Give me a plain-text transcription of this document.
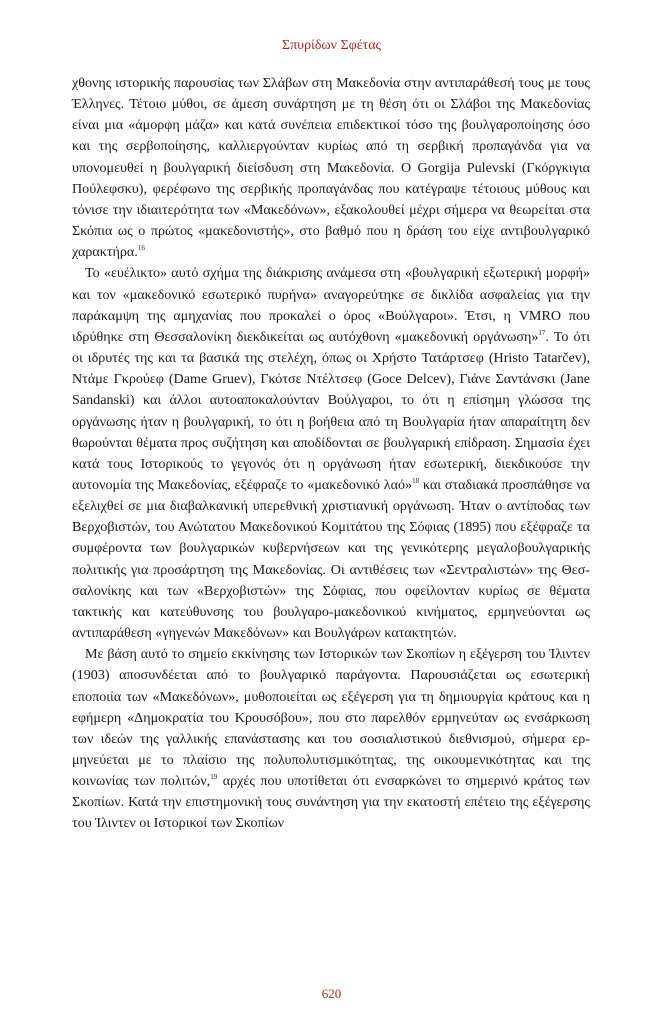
Σπυρίδων Σφέτας

χθονης ιστορικής παρουσίας των Σλάβων στη Μακεδονία στην αντιπαράθεσή τους με τους Έλληνες. Τέτοιο μύθοι, σε άμεση συνάρτηση με τη θέση ότι οι Σλάβοι της Μακεδονίας είναι μια «άμορφη μάζα» και κατά συνέπεια επιδεκτικοί τόσο της βουλγαροποίησης όσο και της σερβοποίησης, καλλιεργούνταν κυρίως από τη σερβική προπαγάνδα για να υπονομευθεί η βουλγαρική διείσδυση στη Μακεδονία. O Gorgija Pulevski (Γκόργκιγια Πούλεφσκυ), φερέφωνο της σερβικής προπαγάνδας που κατέγραψε τέτοιους μύθους και τόνισε την ιδιαιτερότητα των «Μακεδόνων», εξακολουθεί μέχρι σήμερα να θεωρείται στα Σκόπια ως ο πρώτος «μακεδονιστής», στο βαθμό που η δράση του είχε αντιβουλγαρικό χαρακτήρα.$^{16}$

Το «ευέλικτο» αυτό σχήμα της διάκρισης ανάμεσα στη «βουλγαρική εξωτερική μορφή» και τον «μακεδονικό εσωτερικό πυρήνα» αναγορεύτηκε σε δικλίδα ασφαλείας για την παράκαμψη της αμηχανίας που προκαλεί ο όρος «Βούλγαροι». Έτσι, η VMRO που ιδρύθηκε στη Θεσσαλονίκη διεκδικείται ως αυτόχθονη «μακεδονική οργάνωση»$^{17}$. Το ότι οι ιδρυτές της και τα βασικά της στελέχη, όπως οι Χρήστο Τατάρτσεφ (Hristo Tatarčev), Ντάμε Γκρούεφ (Dame Gruev), Γκότσε Ντέλτσεφ (Goce Delcev), Γιάνε Σαντάνσκι (Jane Sandanski) και άλλοι αυτοαποκαλούνταν Βούλγαροι, το ότι η επίσημη γλώσσα της οργάνωσης ήταν η βουλγαρική, το ότι η βοήθεια από τη Βουλγαρία ήταν απαραίτητη δεν θωρούνται θέματα προς συζήτηση και αποδίδονται σε βουλγαρική επίδραση. Σημασία έχει κατά τους Ιστορικούς το γεγονός ότι η οργάνωση ήταν εσωτερική, διεκδικούσε την αυτονομία της Μακεδονίας, εξέφραζε το «μακεδονικό λαό»$^{18}$ και σταδιακά προσπάθησε να εξελιχθεί σε μια διαβαλκανική υπερεθνική χριστιανική οργάνωση. Ήταν ο αντίποδας των Βερχοβιστών, του Ανώτατου Μακεδονικού Κομιτάτου της Σόφιας (1895) που εξέφραζε τα συμφέροντα των βουλγαρικών κυβερνήσεων και της γενικότερης μεγαλοβουλγαρικής πολιτικής για προσάρτηση της Μακεδονίας. Οι αντιθέσεις των «Σεντραλιστών» της Θεσσαλονίκης και των «Βερχοβιστών» της Σόφιας, που οφείλονταν κυρίως σε θέματα τακτικής και κατεύθυνσης του βουλγαρο-μακεδονικού κινήματος, ερμηνεύονται ως αντιπαράθεση «γηγενών Μακεδόνων» και Βουλγάρων κατακτητών.

Με βάση αυτό το σημείο εκκίνησης των Ιστορικών των Σκοπίων η εξέγερση του Ίλιντεν (1903) αποσυνδέεται από το βουλγαρικό παράγοντα. Παρουσιάζεται ως εσωτερική εποποιία των «Μακεδόνων», μυθοποιείται ως εξέγερση για τη δημιουργία κράτους και η εφήμερη «Δημοκρατία του Κρουσόβου», που στο παρελθόν ερμηνεύταν ως ενσάρκωση των ιδεών της γαλλικής επανάστασης και του σοσιαλιστικού διεθνισμού, σήμερα ερμηνεύεται με το πλαίσιο της πολυπολυτισμικότητας, της οικουμενικότητας και της κοινωνίας των πολιτών,$^{19}$ αρχές που υποτίθεται ότι ενσαρκώνει το σημερινό κράτος των Σκοπίων. Κατά την επιστημονική τους συνάντηση για την εκατοστή επέτειο της εξέγερσης του Ίλιντεν οι Ιστορικοί των Σκοπίων

620
